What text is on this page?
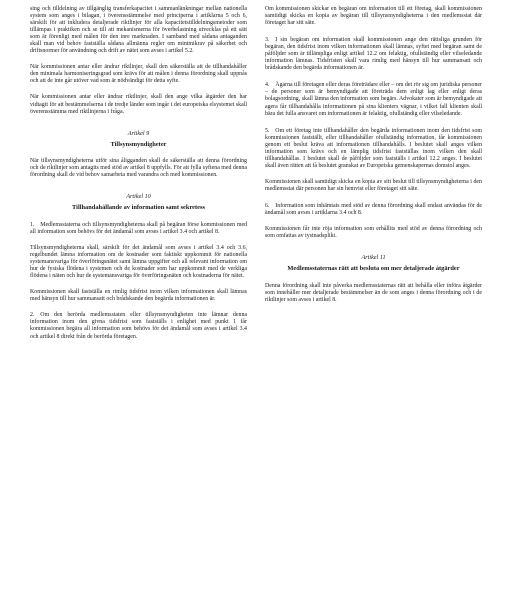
sing och tilldelning av tillgänglig transferkapacitet i sammanlänkningar mellan nationella system som anges i bilagan, i överensstämmelse med principerna i artiklarna 5 och 6, särskilt för att inkludera detaljerade riktlinjer för alla kapacitetstilldelningsmetoder som tillämpas i praktiken och se till att mekanismerna för överbelastning utvecklas på ett sätt som är förenligt med målen för den inre marknaden. I samband med sådana antaganden skall man vid behov fastställa sådana allmänna regler om minimikrav på säkerhet och driftsnormer för användning och drift av nätet som avses i artikel 5.2.

När kommissionen antar eller ändrar riktlinjer, skall den säkerställa att de tillhandahåller den minimala harmoniseringsgrad som krävs för att målen i denna förordning skall uppnås och att de inte går utöver vad som är nödvändigt för detta syfte.

När kommissionen antar eller ändrar riktlinjer, skall den ange vilka åtgärder den har vidtagit för att bestämmelserna i de tredje länder som ingår i det europeiska elsystemet skall överensstämma med riktlinjerna i fråga.

Artikel 9
Tillsynsmyndigheter

När tillsynsmyndigheterna utför sina åligganden skall de säkerställa att denna förordning och de riktlinjer som antagits med stöd av artikel 8 uppfylls. För att fylla syftena med denna förordning skall de vid behov samarbeta med varandra och med kommissionen.

Artikel 10
Tillhandahållande av information samt sekretess

1. Medlemsstaterna och tillsynsmyndigheterna skall på begäran förse kommissionen med all information som behövs för det ändamål som avses i artikel 3.4 och artikel 8.

Tillsynsmyndigheterna skall, särskilt för det ändamål som avses i artikel 3.4 och 3.6, regelbundet lämna information om de kostnader som faktiskt uppkommit för nationella systemansvariga för överföringsnätet samt lämna uppgifter och all relevant information om hur de fysiska flödena i systemen och de kostnader som har uppkommit med de verkliga flödena i näten och hur de systemansvariga för överföringsnäten och kostnaderna för nätet.

Kommissionen skall fastställa en rimlig tidsfrist inom vilken informationen skall lämnas med hänsyn till hur sammansatt och brådskande den begärda informationen är.

2. Om den berörda medlemsstaten eller tillsynsmyndigheten inte lämnar denna information inom den givna tidsfrist som fastställs i enlighet med punkt 1 får kommissionen begära all information som behövs för det ändamål som avses i artikel 3.4 och artikel 8 direkt från de berörda företagen.

Om kommissionen skickar en begäran om information till ett företag, skall kommissionen samtidigt skicka en kopia av begäran till tillsynsmyndigheterna i den medlemsstat där företaget har sitt säte.

3. I sin begäran om information skall kommissionen ange den rättsliga grunden för begäran, den tidsfrist inom vilken informationen skall lämnas, syftet med begäran samt de påföljder som är tillämpliga enligt artikel 12.2 om felaktig, ofullständig eller vilseledande information lämnas. Tidsfristen skall vara rimlig med hänsyn till hur sammansatt och brådskande den begärda informationen är.

4. Ägarna till företagen eller deras företrädare eller – om det rör sig om juridiska personer – de personer som är bemyndigade att företräda dem enligt lag eller enligt deras bolagsordning, skall lämna den information som begärs. Advokater som är bemyndigade att agera får tillhandahålla informationen på sina klienters vägnar, i vilket fall klienten skall bära det fulla ansvaret om informationen är felaktig, ofullständig eller vilseledande.

5. Om ett företag inte tillhandahåller den begärda informationen inom den tidsfrist som kommissionen fastställt, eller tillhandahåller ofullständig information, får kommissionen genom ett beslut kräva att informationen tillhandahålls. I beslutet skall anges vilken information som krävs och en lämplig tidsfrist fastställas inom vilken den skall tillhandahållas. I beslutet skall de påföljder som fastställs i artikel 12.2 anges. I beslutet skall även rätten att få beslutet granskat av Europeiska gemenskapernas domstol anges.

Kommissionen skall samtidigt skicka en kopia av sitt beslut till tillsynsmyndigheterna i den medlemsstat där personen har sin hemvist eller företaget sitt säte.

6. Information som inhämtats med stöd av denna förordning skall endast användas för de ändamål som avses i artiklarna 3.4 och 8.

Kommissionen får inte röja information som erhållits med stöd av denna förordning och som omfattas av tystnadsplikt.

Artikel 11
Medlemsstaternas rätt att besluta om mer detaljerade åtgärder

Denna förordning skall inte påverka medlemsstaternas rätt att behålla eller införa åtgärder som innehåller mer detaljerade bestämmelser än de som anges i denna förordning och i de riktlinjer som avses i artikel 8.
